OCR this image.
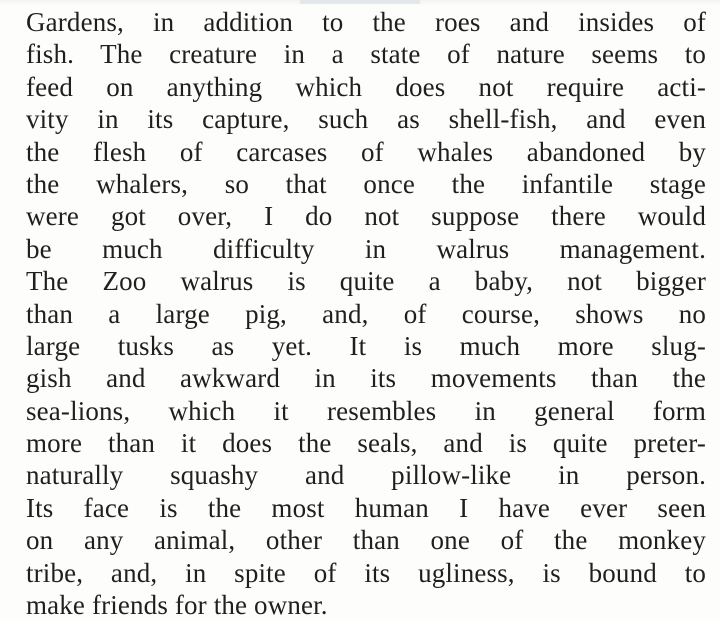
Gardens, in addition to the roes and insides of
fish. The creature in a state of nature seems to
feed on anything which does not require acti-
vity in its capture, such as shell-fish, and even
the flesh of carcases of whales abandoned by
the whalers, so that once the infantile stage
were got over, I do not suppose there would
be much difficulty in walrus management.
The Zoo walrus is quite a baby, not bigger
than a large pig, and, of course, shows no
large tusks as yet. It is much more slug-
gish and awkward in its movements than the
sea-lions, which it resembles in general form
more than it does the seals, and is quite preter-
naturally squashy and pillow-like in person.
Its face is the most human I have ever seen
on any animal, other than one of the monkey
tribe, and, in spite of its ugliness, is bound to
make friends for the owner.
